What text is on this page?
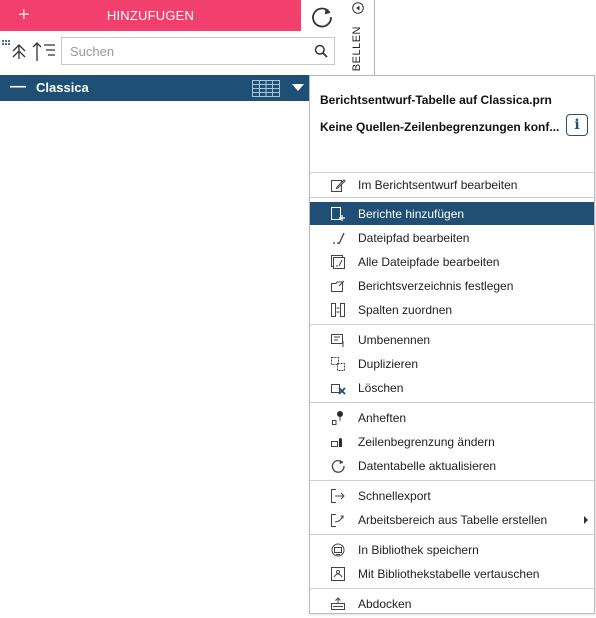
+	HINZUFUGEN
BELLEN
Suchen
— Classica
Berichtsentwurf-Tabelle auf Classica.prn
Keine Quellen-Zeilenbegrenzungen konf...	i
Im Berichtsentwurf bearbeiten
Berichte hinzufügen
Dateipfad bearbeiten
Alle Dateipfade bearbeiten
Berichtsverzeichnis festlegen
Spalten zuordnen
Umbenennen
Duplizieren
Löschen
Anheften
Zeilenbegrenzung ändern
Datentabelle aktualisieren
Schnellexport
Arbeitsbereich aus Tabelle erstellen
In Bibliothek speichern
Mit Bibliothekstabelle vertauschen
Abdocken
